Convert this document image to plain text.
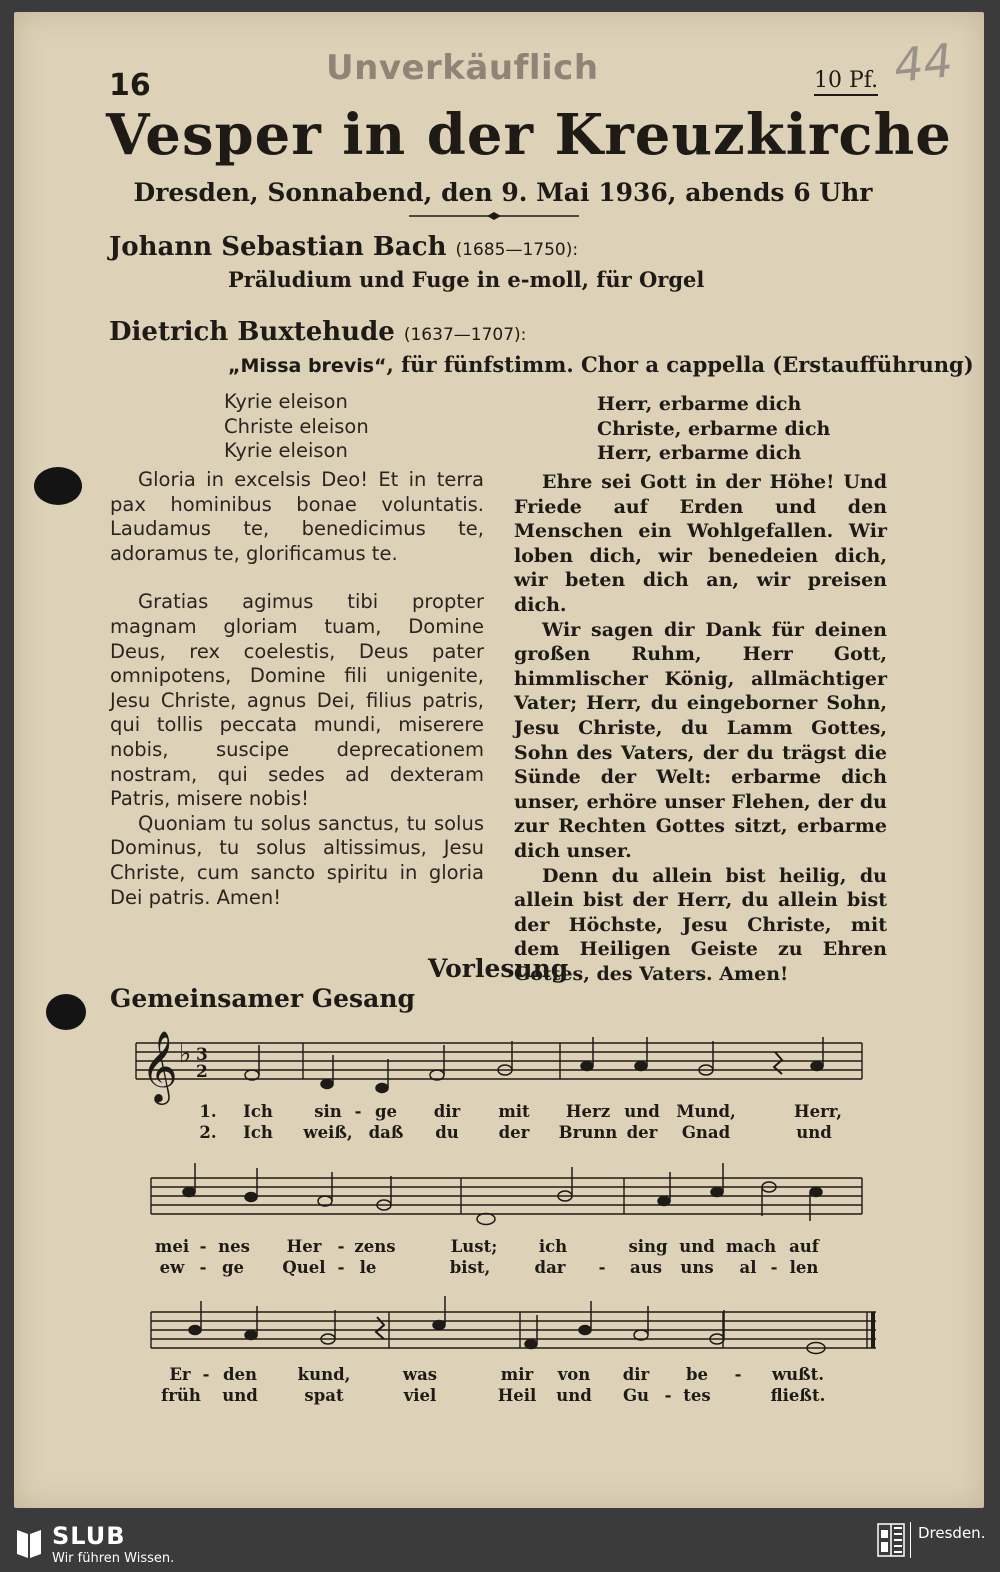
Unverkäuflich
16	10 Pf. 44
Vesper in der Kreuzkirche
Dresden, Sonnabend, den 9. Mai 1936, abends 6 Uhr
Johann Sebastian Bach (1685—1750):
Präludium und Fuge in e-moll, für Orgel
Dietrich Buxtehude (1637—1707):
„Missa brevis“, für fünfstimm. Chor a cappella (Erstaufführung)
Kyrie eleison
Christe eleison
Kyrie eleison
Herr, erbarme dich
Christe, erbarme dich
Herr, erbarme dich

Gloria in excelsis Deo! Et in terra pax hominibus bonae voluntatis. Laudamus te, benedicimus te, adoramus te, glorificamus te.

Gratias agimus tibi propter magnam gloriam tuam, Domine Deus, rex coelestis, Deus pater omnipotens, Domine fili unigenite, Jesu Christe, agnus Dei, filius patris, qui tollis peccata mundi, miserere nobis, suscipe deprecationem nostram, qui sedes ad dexteram Patris, misere nobis!

Quoniam tu solus sanctus, tu solus Dominus, tu solus altissimus, Jesu Christe, cum sancto spiritu in gloria Dei patris. Amen!

Ehre sei Gott in der Höhe! Und Friede auf Erden und den Menschen ein Wohlgefallen. Wir loben dich, wir benedeien dich, wir beten dich an, wir preisen dich.

Wir sagen dir Dank für deinen großen Ruhm, Herr Gott, himmlischer König, allmächtiger Vater; Herr, du eingeborner Sohn, Jesu Christe, du Lamm Gottes, Sohn des Vaters, der du trägst die Sünde der Welt: erbarme dich unser, erhöre unser Flehen, der du zur Rechten Gottes sitzt, erbarme dich unser.

Denn du allein bist heilig, du allein bist der Herr, du allein bist der Höchste, Jesu Christe, mit dem Heiligen Geiste zu Ehren Gottes, des Vaters. Amen!

Vorlesung
Gemeinsamer Gesang
𝄞 ♭ 3
2
1. Ich	sin - ge dir mit Herz und Mund,	Herr,
2. Ich weiß, daß du der Brunn der Gnad	und
mei - nes Her - zens	Lust;	ich	sing und mach auf
ew - ge Quel - le	bist,	dar - aus uns al - len
Er - den kund,	was	mir von dir be - wußt.
früh und	spat	viel	Heil und Gu - tes	fließt.
SLUB
Wir führen Wissen.
Dresden.
